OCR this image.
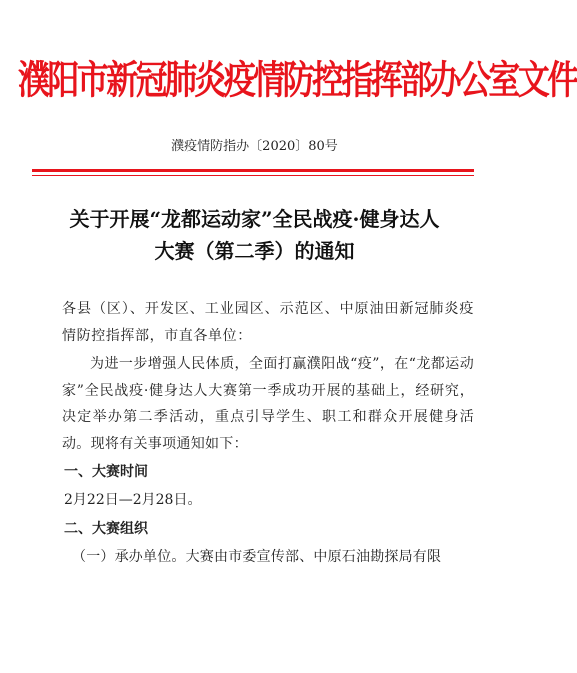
濮阳市新冠肺炎疫情防控指挥部办公室文件
濮疫情防指办〔2020〕80号
关于开展“龙都运动家”全民战疫·健身达人
大赛（第二季）的通知
各县（区）、开发区、工业园区、示范区、中原油田新冠肺炎疫情防控指挥部，市直各单位：
为进一步增强人民体质，全面打赢濮阳战“疫”，在“龙都运动家”全民战疫·健身达人大赛第一季成功开展的基础上，经研究，决定举办第二季活动，重点引导学生、职工和群众开展健身活动。现将有关事项通知如下：
一、大赛时间
2月22日—2月28日。
二、大赛组织
（一）承办单位。大赛由市委宣传部、中原石油勘探局有限
